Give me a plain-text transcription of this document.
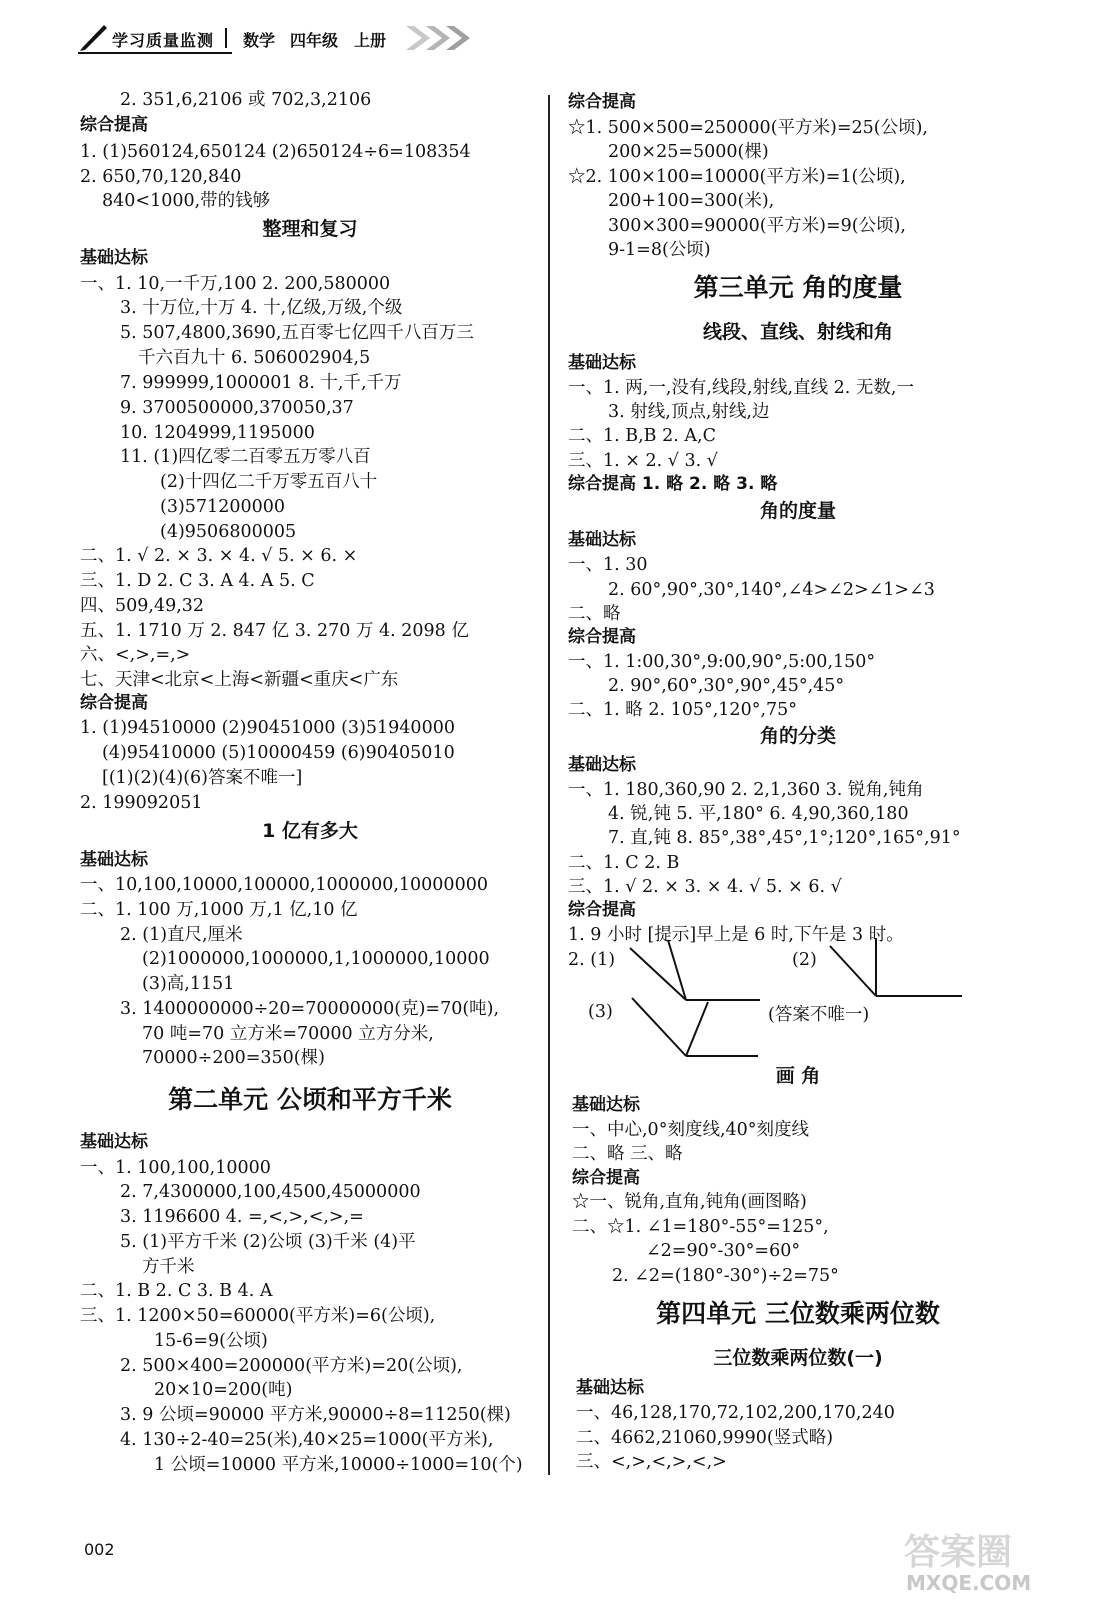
学习质量监测 数学 四年级 上册
2. 351,6,2106 或 702,3,2106
综合提高
1. (1)560124,650124 (2)650124÷6=108354
2. 650,70,120,840
840<1000,带的钱够
整理和复习
基础达标
一、1. 10,一千万,100 2. 200,580000
3. 十万位,十万 4. 十,亿级,万级,个级
5. 507,4800,3690,五百零七亿四千八百万三
千六百九十 6. 506002904,5
7. 999999,1000001 8. 十,千,千万
9. 3700500000,370050,37
10. 1204999,1195000
11. (1)四亿零二百零五万零八百
(2)十四亿二千万零五百八十
(3)571200000
(4)9506800005
二、1. √ 2. × 3. × 4. √ 5. × 6. ×
三、1. D 2. C 3. A 4. A 5. C
四、509,49,32
五、1. 1710 万 2. 847 亿 3. 270 万 4. 2098 亿
六、<,>,=,>
七、天津<北京<上海<新疆<重庆<广东
综合提高
1. (1)94510000 (2)90451000 (3)51940000
(4)95410000 (5)10000459 (6)90405010
[(1)(2)(4)(6)答案不唯一]
2. 199092051
1 亿有多大
基础达标
一、10,100,10000,100000,1000000,10000000
二、1. 100 万,1000 万,1 亿,10 亿
2. (1)直尺,厘米
(2)1000000,1000000,1,1000000,10000
(3)高,1151
3. 1400000000÷20=70000000(克)=70(吨),
70 吨=70 立方米=70000 立方分米,
70000÷200=350(棵)
第二单元 公顷和平方千米
基础达标
一、1. 100,100,10000
2. 7,4300000,100,4500,45000000
3. 1196600 4. =,<,>,<,>,=
5. (1)平方千米 (2)公顷 (3)千米 (4)平
方千米
二、1. B 2. C 3. B 4. A
三、1. 1200×50=60000(平方米)=6(公顷),
15-6=9(公顷)
2. 500×400=200000(平方米)=20(公顷),
20×10=200(吨)
3. 9 公顷=90000 平方米,90000÷8=11250(棵)
4. 130÷2-40=25(米),40×25=1000(平方米),
1 公顷=10000 平方米,10000÷1000=10(个)
综合提高
☆1. 500×500=250000(平方米)=25(公顷),
200×25=5000(棵)
☆2. 100×100=10000(平方米)=1(公顷),
200+100=300(米),
300×300=90000(平方米)=9(公顷),
9-1=8(公顷)
第三单元 角的度量
线段、直线、射线和角
基础达标
一、1. 两,一,没有,线段,射线,直线 2. 无数,一
3. 射线,顶点,射线,边
二、1. B,B 2. A,C
三、1. × 2. √ 3. √
综合提高 1. 略 2. 略 3. 略
角的度量
基础达标
一、1. 30
2. 60°,90°,30°,140°,∠4>∠2>∠1>∠3
二、略
综合提高
一、1. 1:00,30°,9:00,90°,5:00,150°
2. 90°,60°,30°,90°,45°,45°
二、1. 略 2. 105°,120°,75°
角的分类
基础达标
一、1. 180,360,90 2. 2,1,360 3. 锐角,钝角
4. 锐,钝 5. 平,180° 6. 4,90,360,180
7. 直,钝 8. 85°,38°,45°,1°;120°,165°,91°
二、1. C 2. B
三、1. √ 2. × 3. × 4. √ 5. × 6. √
综合提高
1. 9 小时 [提示]早上是 6 时,下午是 3 时。
2. (1)	(2)
(3)	(答案不唯一)
画 角
基础达标
一、中心,0°刻度线,40°刻度线
二、略 三、略
综合提高
☆一、锐角,直角,钝角(画图略)
二、☆1. ∠1=180°-55°=125°,
∠2=90°-30°=60°
2. ∠2=(180°-30°)÷2=75°
第四单元 三位数乘两位数
三位数乘两位数(一)
基础达标
一、46,128,170,72,102,200,170,240
二、4662,21060,9990(竖式略)
三、<,>,<,>,<,>
002	答案圈
MXQE.COM
